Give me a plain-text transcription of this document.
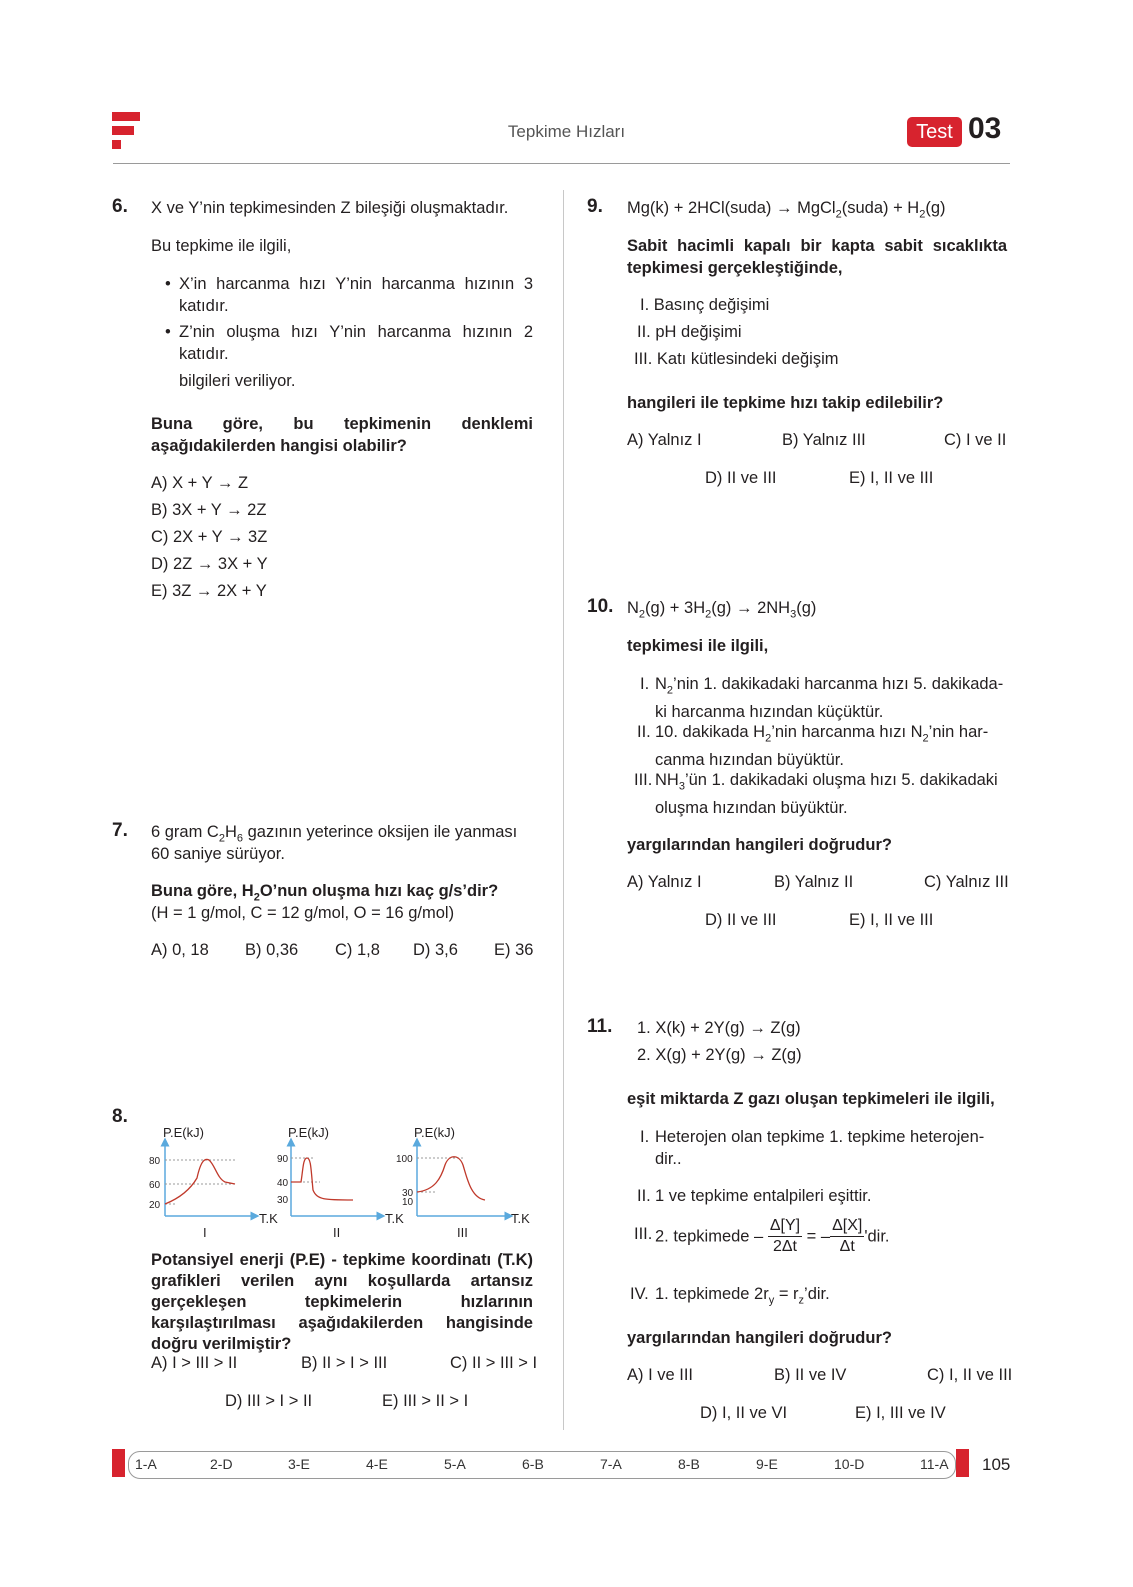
Tepkime Hızları	Test 03
6. X ve Y’nin tepkimesinden Z bileşiği oluşmaktadır.
Bu tepkime ile ilgili,
• X’in harcanma hızı Y’nin harcanma hızının 3 katıdır.
• Z’nin oluşma hızı Y’nin harcanma hızının 2 katıdır.
bilgileri veriliyor.
Buna göre, bu tepkimenin denklemi aşağıdakilerden hangisi olabilir?
A) X + Y → Z
B) 3X + Y → 2Z
C) 2X + Y → 3Z
D) 2Z → 3X + Y
E) 3Z → 2X + Y
7. 6 gram $C_2H_6$ gazının yeterince oksijen ile yanması
60 saniye sürüyor.
Buna göre, $H_2O’nun$ oluşma hızı kaç g/s’dir?
(H = 1 g/mol, C = 12 g/mol, O = 16 g/mol)
A) 0, 18 B) 0,36 C) 1,8 D) 3,6 E) 36
8.
P.E(kJ)
80
60
20
T.K
I
P.E(kJ)
90
40
30
T.K
II
P.E(kJ)
100
30
10
T.K
III
Potansiyel enerji (P.E) - tepkime koordinatı (T.K) grafikleri verilen aynı koşullarda artansız gerçekleşen tepkimelerin hızlarının karşılaştırılması aşağıdakilerden hangisinde doğru verilmiştir?
A) I > III > II	B) II > I > III	C) II > III > I
D) III > I > II	E) III > II > I
9. Mg(k) + 2HCl(suda) → MgCl$_2$(suda) + $H_2(g)$
Sabit hacimli kapalı bir kapta sabit sıcaklıkta tepkimesi gerçekleştiğinde,
I. Basınç değişimi
II. pH değişimi
III. Katı kütlesindeki değişim
hangileri ile tepkime hızı takip edilebilir?
A) Yalnız I	B) Yalnız III	C) I ve II
D) II ve III	E) I, II ve III
10. $N_2(g) + 3H_2(g) \to 2NH_3(g)$
tepkimesi ile ilgili,
I. $N_2’nin$ 1. dakikadaki harcanma hızı 5. dakikada-
ki harcanma hızından küçüktür.
II. 10. dakikada $H_2’nin$ harcanma hızı $N_2’nin$ har-
canma hızından büyüktür.
III. $NH_3’ün$ 1. dakikadaki oluşma hızı 5. dakikadaki
oluşma hızından büyüktür.
yargılarından hangileri doğrudur?
A) Yalnız I	B) Yalnız II	C) Yalnız III
D) II ve III	E) I, II ve III
11. 1. X(k) + 2Y(g) → Z(g)
2. X(g) + 2Y(g) → Z(g)
eşit miktarda Z gazı oluşan tepkimeleri ile ilgili,
I. Heterojen olan tepkime 1. tepkime heterojen-
dir..
II. 1 ve tepkime entalpileri eşittir.
III. 2. tepkimede – $\frac{\Delta[Y]}{2\Delta t}$ = – $\frac{\Delta[X]}{\Delta t}'dir$.
IV. 1. tepkimede $2r_y$ = $r_z’dir$.
yargılarından hangileri doğrudur?
A) I ve III	B) II ve IV	C) I, II ve III
D) I, II ve VI	E) I, III ve IV
1-A	2-D	3-E	4-E	5-A	6-B	7-A	8-B	9-E	10-D	11-A 105
